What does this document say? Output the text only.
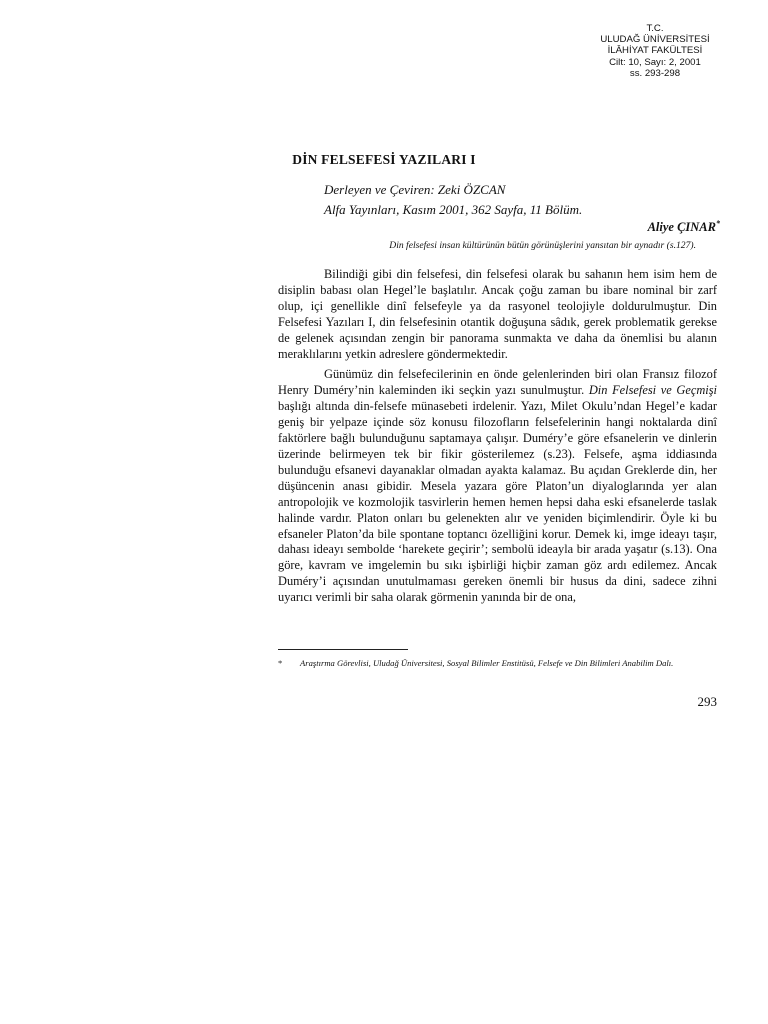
T.C.
ULUDAĞ ÜNİVERSİTESİ
İLÂHİYAT FAKÜLTESİ
Cilt: 10, Sayı: 2, 2001
ss. 293-298
DİN FELSEFESİ YAZILARI I
Derleyen ve Çeviren: Zeki ÖZCAN
Alfa Yayınları, Kasım 2001, 362 Sayfa, 11 Bölüm.
Aliye ÇINAR*
Din felsefesi insan kültürünün bütün görünüşlerini yansıtan bir aynadır (s.127).

Bilindiği gibi din felsefesi, din felsefesi olarak bu sahanın hem isim hem de disiplin babası olan Hegel’le başlatılır. Ancak çoğu zaman bu ibare nominal bir zarf olup, içi genellikle dinî felsefeyle ya da rasyonel teolojiyle doldurulmuştur. Din Felsefesi Yazıları I, din felsefesinin otantik doğuşuna sâdık, gerek problematik gerekse de gelenek açısından zengin bir panorama sunmakta ve daha da önemlisi bu alanın meraklılarını yetkin adreslere göndermektedir.

Günümüz din felsefecilerinin en önde gelenlerinden biri olan Fransız filozof Henry Duméry’nin kaleminden iki seçkin yazı sunulmuştur. Din Felsefesi ve Geçmişi başlığı altında din-felsefe münasebeti irdelenir. Yazı, Milet Okulu’ndan Hegel’e kadar geniş bir yelpaze içinde söz konusu filozofların felsefelerinin hangi noktalarda dinî faktörlere bağlı bulunduğunu saptamaya çalışır. Duméry’e göre efsanelerin ve dinlerin üzerinde belirmeyen tek bir fikir gösterilemez (s.23). Felsefe, aşma iddiasında bulunduğu efsanevi dayanaklar olmadan ayakta kalamaz. Bu açıdan Greklerde din, her düşüncenin anası gibidir. Mesela yazara göre Platon’un diyaloglarında yer alan antropolojik ve kozmolojik tasvirlerin hemen hemen hepsi daha eski efsanelerde taslak halinde vardır. Platon onları bu gelenekten alır ve yeniden biçimlendirir. Öyle ki bu efsaneler Platon’da bile spontane toptancı özelliğini korur. Demek ki, imge ideayı taşır, dahası ideayı sembolde ‘harekete geçirir’; sembolü ideayla bir arada yaşatır (s.13). Ona göre, kavram ve imgelemin bu sıkı işbirliği hiçbir zaman göz ardı edilemez. Ancak Duméry’i açısından unutulmaması gereken önemli bir husus da dini, sadece zihni uyarıcı verimli bir saha olarak görmenin yanında bir de ona,

* Araştırma Görevlisi, Uludağ Üniversitesi, Sosyal Bilimler Enstitüsü, Felsefe ve Din Bilimleri Anabilim Dalı.
293
